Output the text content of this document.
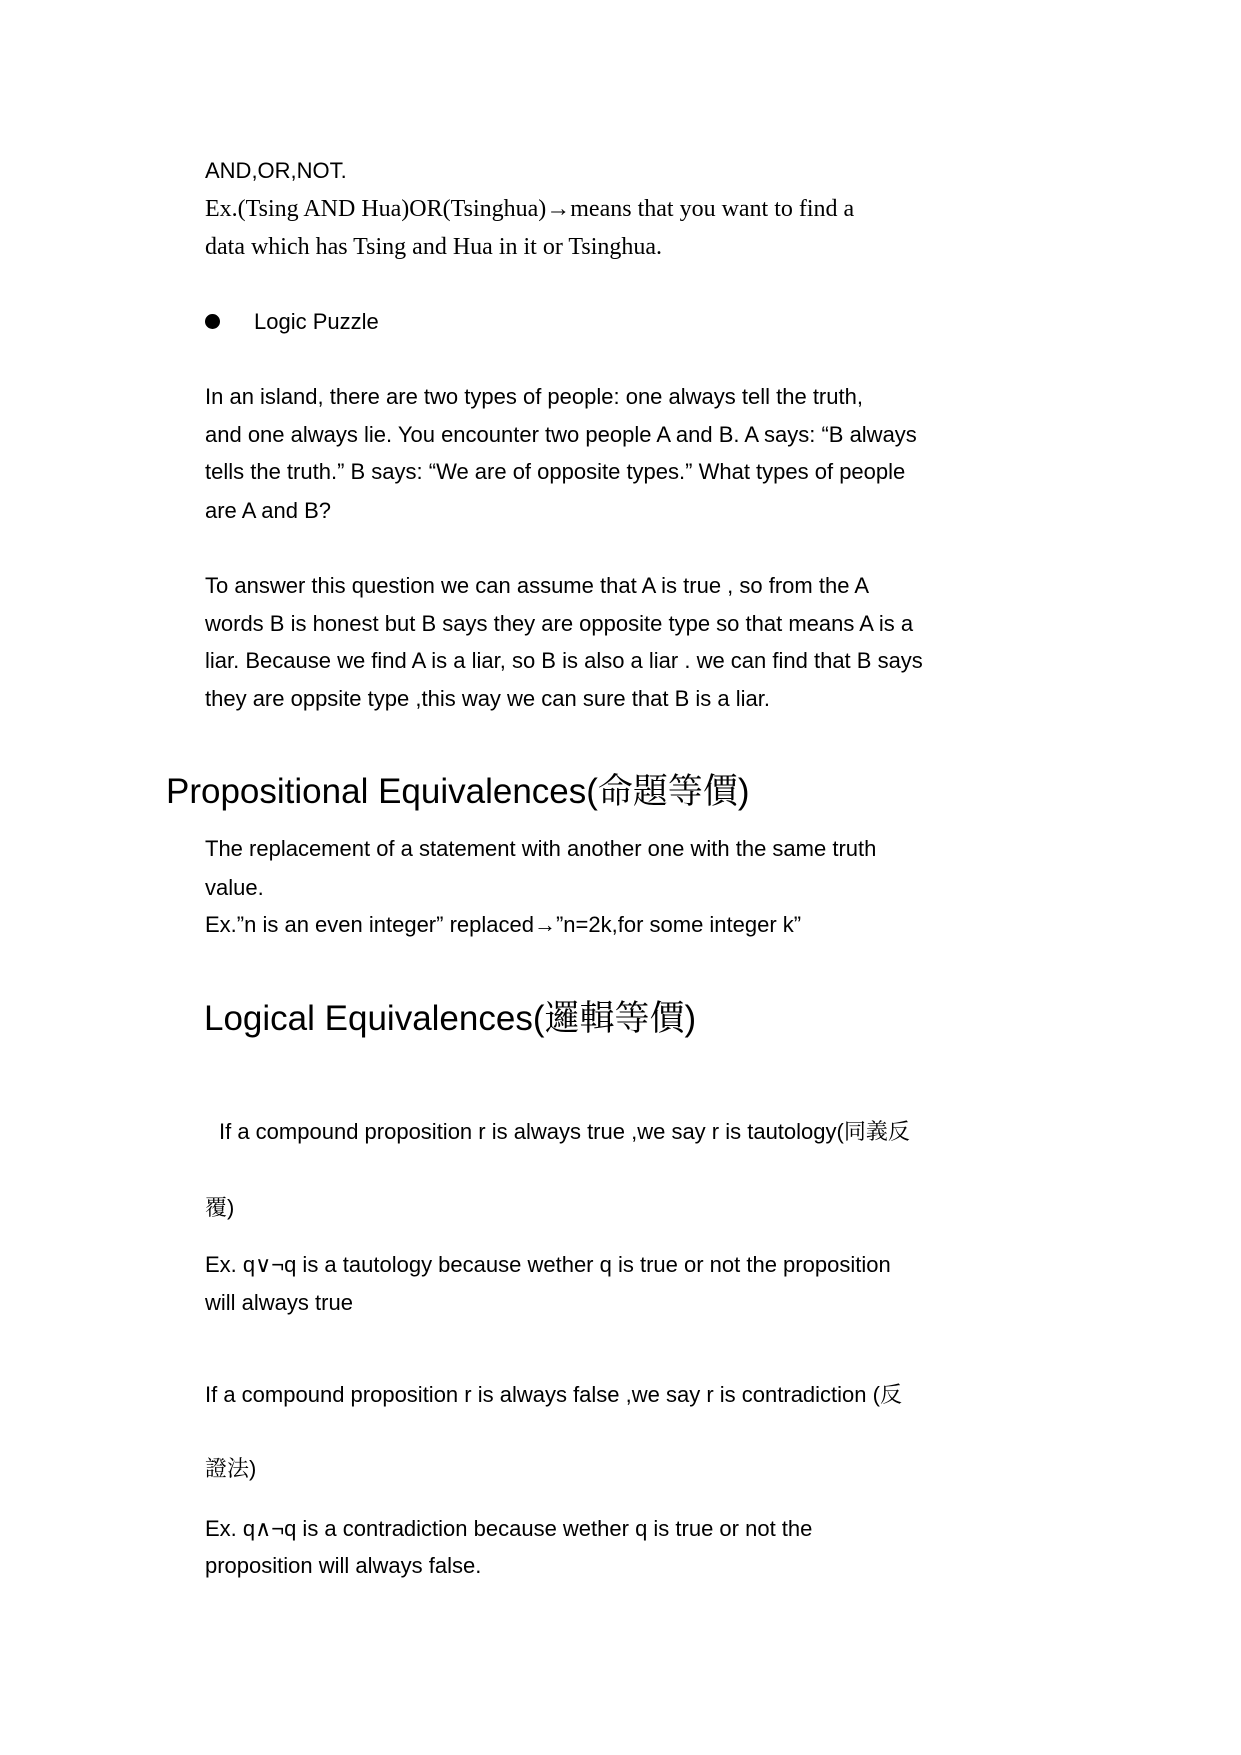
AND,OR,NOT.
Ex.(Tsing AND Hua)OR(Tsinghua)→means that you want to find a
data which has Tsing and Hua in it or Tsinghua.
Logic Puzzle
In an island, there are two types of people: one always tell the truth,
and one always lie. You encounter two people A and B. A says: “B always
tells the truth.” B says: “We are of opposite types.” What types of people
are A and B?
To answer this question we can assume that A is true , so from the A
words B is honest but B says they are opposite type so that means A is a
liar. Because we find A is a liar, so B is also a liar . we can find that B says
they are oppsite type ,this way we can sure that B is a liar.
Propositional Equivalences(命題等價)
The replacement of a statement with another one with the same truth
value.
Ex.”n is an even integer” replaced→”n=2k,for some integer k”
Logical Equivalences(邏輯等價)
If a compound proposition r is always true ,we say r is tautology(同義反
覆)
Ex. q∨¬q is a tautology because wether q is true or not the proposition
will always true
If a compound proposition r is always false ,we say r is contradiction (反
證法)
Ex. q∧¬q is a contradiction because wether q is true or not the
proposition will always false.
